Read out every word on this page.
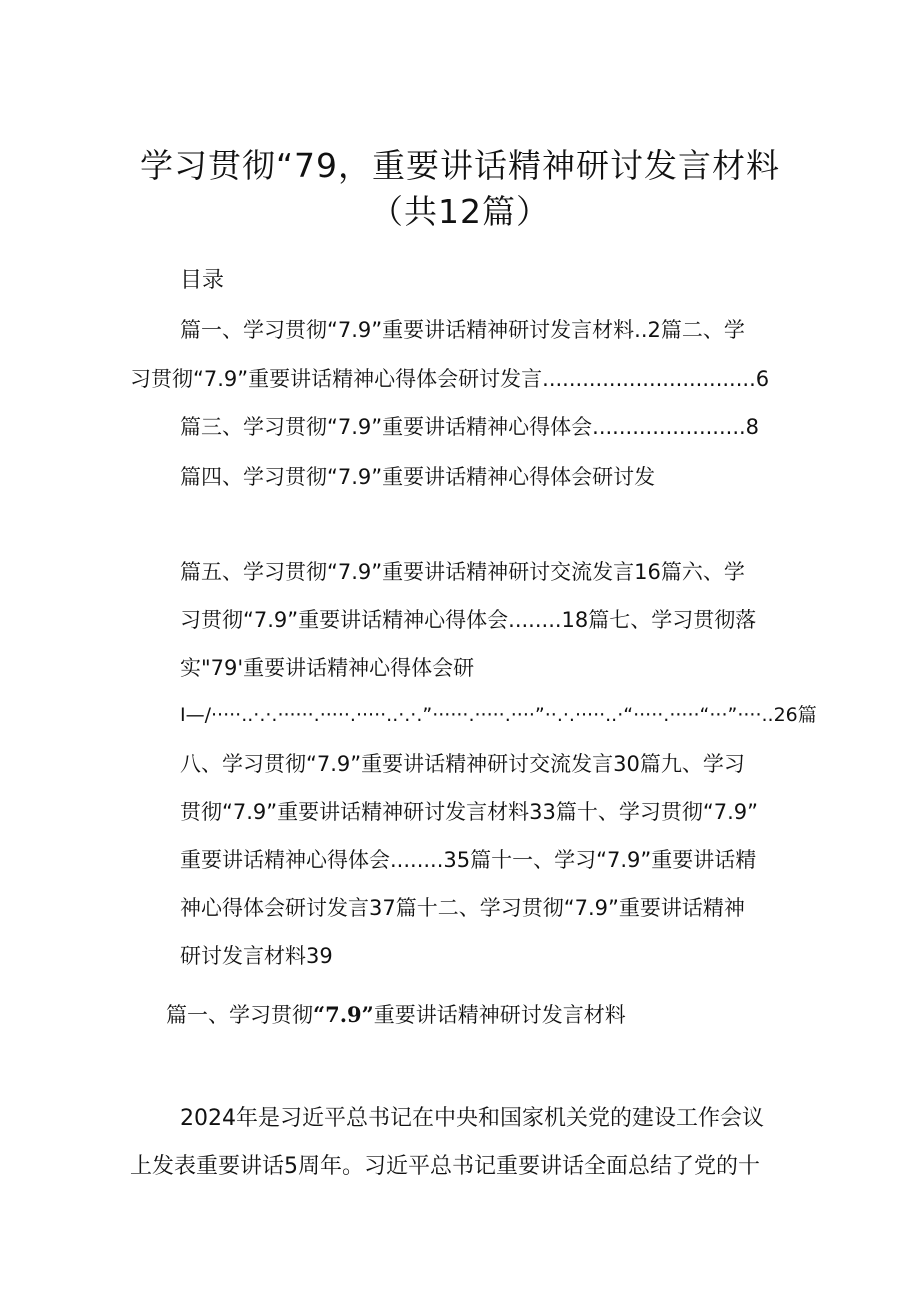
学习贯彻“79，重要讲话精神研讨发言材料
（共12篇）
目录
篇一、学习贯彻“7.9”重要讲话精神研讨发言材料..2篇二、学
习贯彻“7.9”重要讲话精神心得体会研讨发言................................6
篇三、学习贯彻“7.9”重要讲话精神心得体会.......................8
篇四、学习贯彻“7.9”重要讲话精神心得体会研讨发
篇五、学习贯彻“7.9”重要讲话精神研讨交流发言16篇六、学
习贯彻“7.9”重要讲话精神心得体会........18篇七、学习贯彻落
实"79'重要讲话精神心得体会研
I—/·····..·.·.······.·····.·····..·.·.”······.·····.····”··.·.·····..·“·····.·····“···”····..26篇
八、学习贯彻“7.9”重要讲话精神研讨交流发言30篇九、学习
贯彻“7.9”重要讲话精神研讨发言材料33篇十、学习贯彻“7.9”
重要讲话精神心得体会........35篇十一、学习“7.9”重要讲话精
神心得体会研讨发言37篇十二、学习贯彻“7.9”重要讲话精神
研讨发言材料39
篇一、学习贯彻“7.9”重要讲话精神研讨发言材料
2024年是习近平总书记在中央和国家机关党的建设工作会议
上发表重要讲话5周年。习近平总书记重要讲话全面总结了党的十
